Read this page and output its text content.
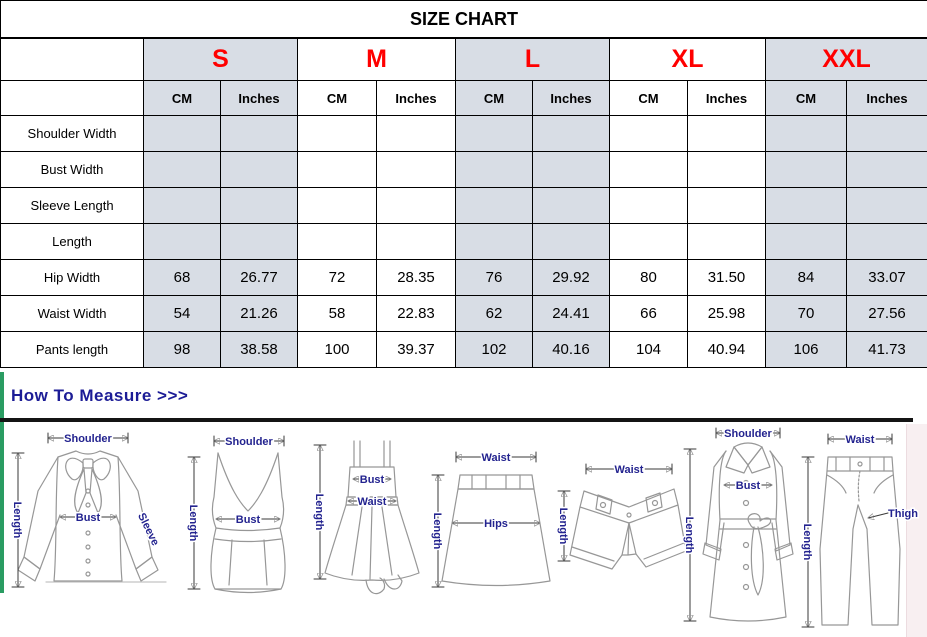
SIZE CHART										
	S		M		L		XL		XXL	
	CM	Inches	CM	Inches	CM	Inches	CM	Inches	CM	Inches
Shoulder Width										
Bust Width										
Sleeve Length										
Length										
Hip Width	68	26.77	72	28.35	76	29.92	80	31.50	84	33.07
Waist Width	54	21.26	58	22.83	62	24.41	66	25.98	70	27.56
Pants length	98	38.58	100	39.37	102	40.16	104	40.94	106	41.73
How To Measure >>>
Shoulder
Length	Bust	Sleeve
Shoulder
Length	Bust	Length
Bust
Waist
Waist
Length	Hips
Waist
Length
Shoulder
Length
Bust
Waist
Length
Thigh
